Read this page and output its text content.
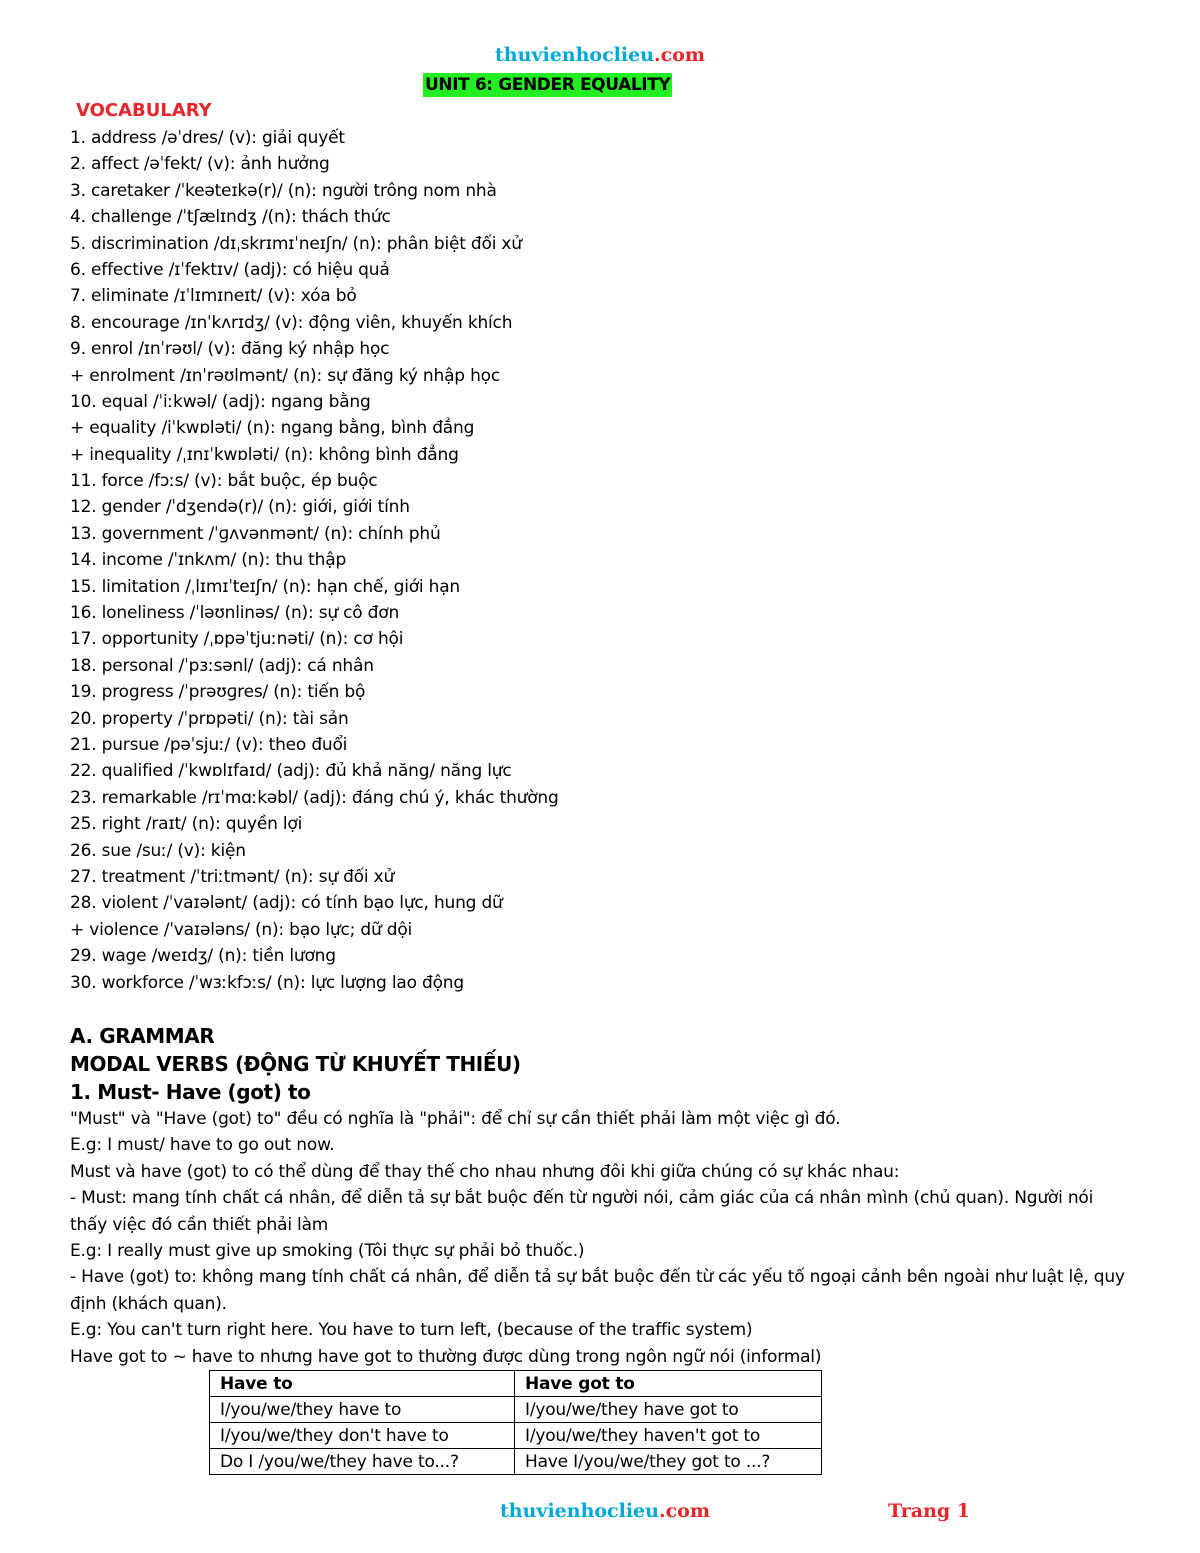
thuvienhoclieu.com
UNIT 6: GENDER EQUALITY
VOCABULARY
1. address /əˈdres/ (v): giải quyết
2. affect /əˈfekt/ (v): ảnh hưởng
3. caretaker /ˈkeəteɪkə(r)/ (n): người trông nom nhà
4. challenge /ˈtʃælɪndʒ /(n): thách thức
5. discrimination /dɪˌskrɪmɪˈneɪʃn/ (n): phân biệt đối xử
6. effective /ɪˈfektɪv/ (adj): có hiệu quả
7. eliminate /ɪˈlɪmɪneɪt/ (v): xóa bỏ
8. encourage /ɪnˈkʌrɪdʒ/ (v): động viên, khuyến khích
9. enrol /ɪnˈrəʊl/ (v): đăng ký nhập học
+ enrolment /ɪnˈrəʊlmənt/ (n): sự đăng ký nhập học
10. equal /ˈiːkwəl/ (adj): ngang bằng
+ equality /iˈkwɒləti/ (n): ngang bằng, bình đẳng
+ inequality /ˌɪnɪˈkwɒləti/ (n): không bình đẳng
11. force /fɔːs/ (v): bắt buộc, ép buộc
12. gender /ˈdʒendə(r)/ (n): giới, giới tính
13. government /ˈɡʌvənmənt/ (n): chính phủ
14. income /ˈɪnkʌm/ (n): thu thập
15. limitation /ˌlɪmɪˈteɪʃn/ (n): hạn chế, giới hạn
16. loneliness /ˈləʊnlinəs/ (n): sự cô đơn
17. opportunity /ˌɒpəˈtjuːnəti/ (n): cơ hội
18. personal /ˈpɜːsənl/ (adj): cá nhân
19. progress /ˈprəʊɡres/ (n): tiến bộ
20. property /ˈprɒpəti/ (n): tài sản
21. pursue /pəˈsjuː/ (v): theo đuổi
22. qualified /ˈkwɒlɪfaɪd/ (adj): đủ khả năng/ năng lực
23. remarkable /rɪˈmɑːkəbl/ (adj): đáng chú ý, khác thường
25. right /raɪt/ (n): quyền lợi
26. sue /suː/ (v): kiện
27. treatment /ˈtriːtmənt/ (n): sự đối xử
28. violent /ˈvaɪələnt/ (adj): có tính bạo lực, hung dữ
+ violence /ˈvaɪələns/ (n): bạo lực; dữ dội
29. wage /weɪdʒ/ (n): tiền lương
30. workforce /ˈwɜːkfɔːs/ (n): lực lượng lao động
A. GRAMMAR
MODAL VERBS (ĐỘNG TỪ KHUYẾT THIẾU)
1. Must- Have (got) to
"Must" và "Have (got) to" đều có nghĩa là "phải": để chỉ sự cần thiết phải làm một việc gì đó.
E.g: I must/ have to go out now.
Must và have (got) to có thể dùng để thay thế cho nhau nhưng đôi khi giữa chúng có sự khác nhau:
- Must: mang tính chất cá nhân, để diễn tả sự bắt buộc đến từ người nói, cảm giác của cá nhân mình (chủ quan). Người nói thấy việc đó cần thiết phải làm
E.g: I really must give up smoking (Tôi thực sự phải bỏ thuốc.)
- Have (got) to: không mang tính chất cá nhân, để diễn tả sự bắt buộc đến từ các yếu tố ngoại cảnh bên ngoài như luật lệ, quy định (khách quan).
E.g: You can't turn right here. You have to turn left, (because of the traffic system)
Have got to ~ have to nhưng have got to thường được dùng trong ngôn ngữ nói (informal)
Have to	Have got to
I/you/we/they have to	I/you/we/they have got to
I/you/we/they don't have to	I/you/we/they haven't got to
Do I /you/we/they have to...?	Have I/you/we/they got to ...?
thuvienhoclieu.com	Trang 1
